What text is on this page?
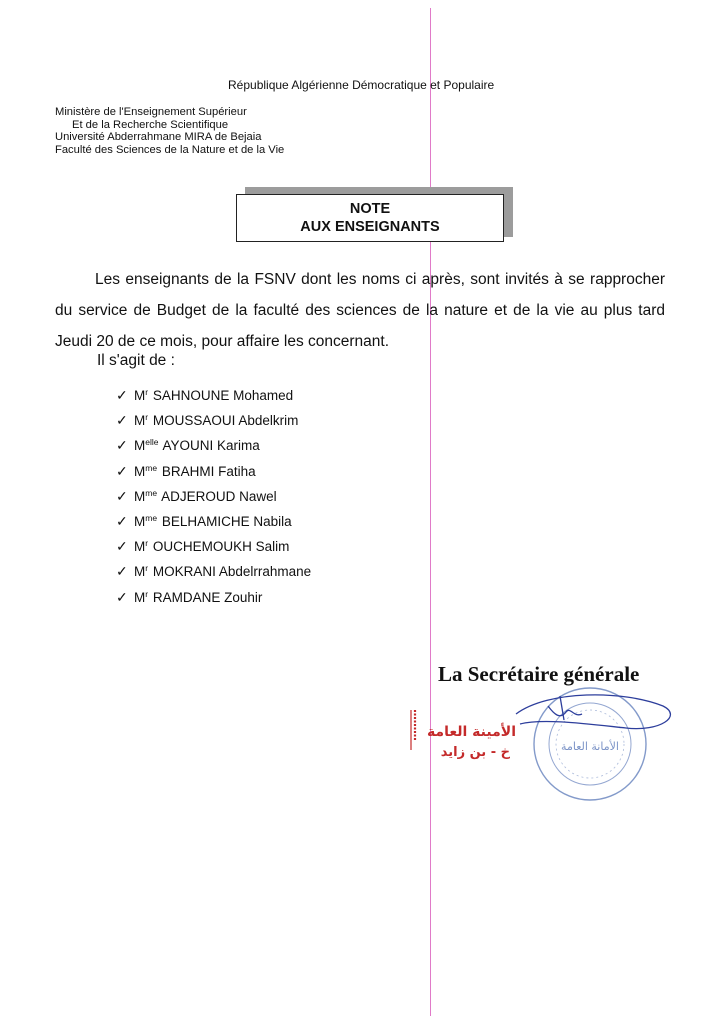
République Algérienne Démocratique et Populaire
Ministère de l'Enseignement Supérieur
Et de la Recherche Scientifique
Université Abderrahmane MIRA de Bejaia
Faculté des Sciences de la Nature et de la Vie
NOTE
AUX ENSEIGNANTS
Les enseignants de la FSNV dont les noms ci après, sont invités à se rapprocher du service de Budget de la faculté des sciences de la nature et de la vie au plus tard Jeudi 20 de ce mois, pour affaire les concernant.
Il s'agit de :
✓ $M^r$ SAHNOUNE Mohamed
✓ $M^r$ MOUSSAOUI Abdelkrim
✓ $M^{elle}$ AYOUNI Karima
✓ $M^{me}$ BRAHMI Fatiha
✓ $M^{me}$ ADJEROUD Nawel
✓ $M^{me}$ BELHAMICHE Nabila
✓ $M^r$ OUCHEMOUKH Salim
✓ $M^r$ MOKRANI Abdelrrahmane
✓ $M^r$ RAMDANE Zouhir
La Secrétaire générale
الأمانة العامة
الأمينة العامة
خ - بن زايد
